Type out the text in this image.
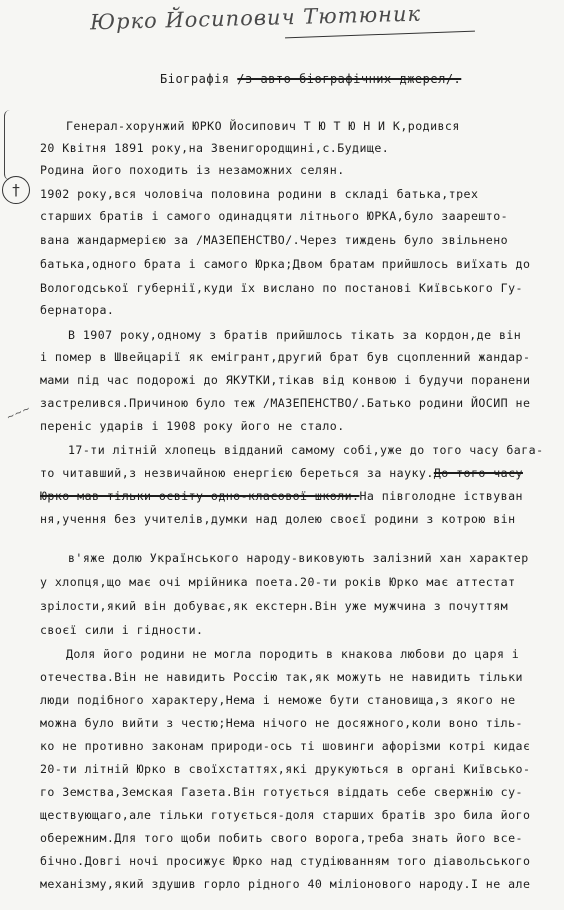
Юрко Йосипович Тютюник
Біографія /з авто-біографічних джерел/.
†
~~~
Генерал-хорунжий ЮРКО Йосипович Т Ю Т Ю Н И К,родився
20 Квітня 1891 року,на Звенигородщині,с.Будище.
Родина його походить із незаможних селян.
1902 року,вся чоловіча половина родини в складі батька,трех
старших братів і самого одинадцяти літнього ЮРКА,було заарешто-
вана жандармерією за /МАЗЕПЕНСТВО/.Через тиждень було звільнено
батька,одного брата і самого Юрка;Двом братам прийшлось виїхать до
Вологодської губернії,куди їх вислано по постанові Київського Гу-
бернатора.
В 1907 року,одному з братів прийшлось тікать за кордон,де він
і помер в Швейцарії як емігрант,другий брат був сцопленний жандар-
мами під час подорожі до ЯКУТКИ,тікав від конвою і будучи поранени
застрелився.Причиною було теж /МАЗЕПЕНСТВО/.Батько родини ЙОСИП не
переніс ударів і 1908 року його не стало.
17-ти літній хлопець відданий самому собі,уже до того часу бага-
то читавший,з незвичайною енергією береться за науку.До того часу
Юрко мав тільки освіту одно-класової школи.На півголодне іствуван
ня,учення без учителів,думки над долею своєї родини з котрою він
в'яже долю Українського народу-виковують залізний хан характер
у хлопця,що має очі мрійника поета.20-ти років Юрко має аттестат
зрілости,який він добуває,як екстерн.Він уже мужчина з почуттям
своєї сили і гідности.
Доля його родини не могла породить в кнакова любови до царя і
отечества.Він не навидить Россію так,як можуть не навидить тільки
люди подібного характеру,Нема і неможе бути становища,з якого не
можна було вийти з честю;Нема нічого не досяжного,коли воно тіль-
ко не противно законам природи-ось ті шовинги афорізми котрі кидає
20-ти літній Юрко в своїхстаттях,які друкуються в органі Київсько-
го Земства,Земская Газета.Він готується віддать себе свержнію су-
ществующаго,але тільки готується-доля старших братів зро била його
обережним.Для того щоби побить свого ворога,треба знать його все-
бічно.Довгі ночі просижує Юрко над студіюванням того діавольського
механізму,який здушив горло рідного 40 міліонового народу.І не але
